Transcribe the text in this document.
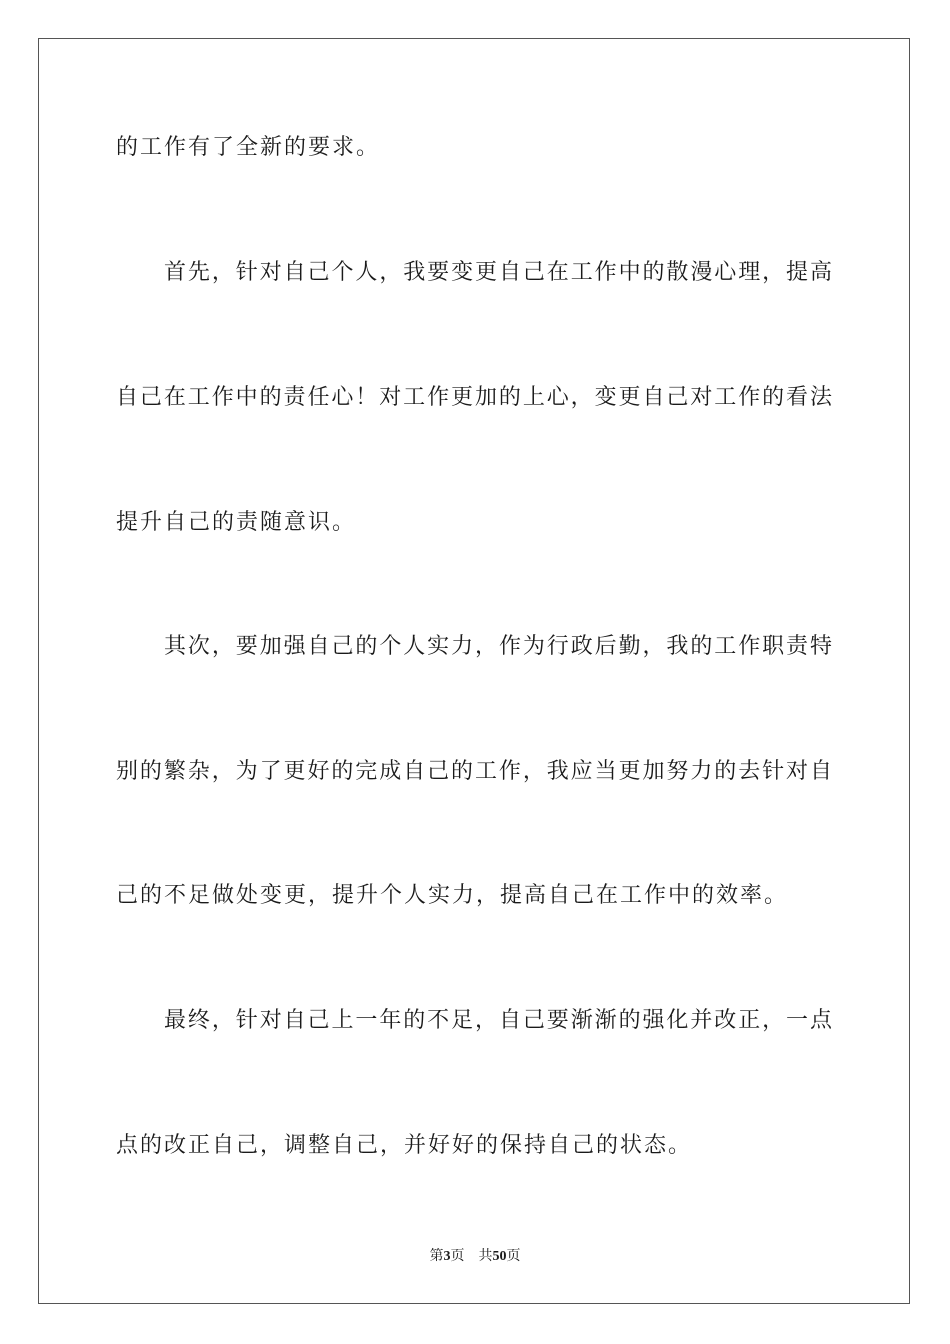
的工作有了全新的要求。

首先，针对自己个人，我要变更自己在工作中的散漫心理，提高

自己在工作中的责任心！对工作更加的上心，变更自己对工作的看法

提升自己的责随意识。

其次，要加强自己的个人实力，作为行政后勤，我的工作职责特

别的繁杂，为了更好的完成自己的工作，我应当更加努力的去针对自

己的不足做处变更，提升个人实力，提高自己在工作中的效率。

最终，针对自己上一年的不足，自己要渐渐的强化并改正，一点

点的改正自己，调整自己，并好好的保持自己的状态。

第3页 共50页
